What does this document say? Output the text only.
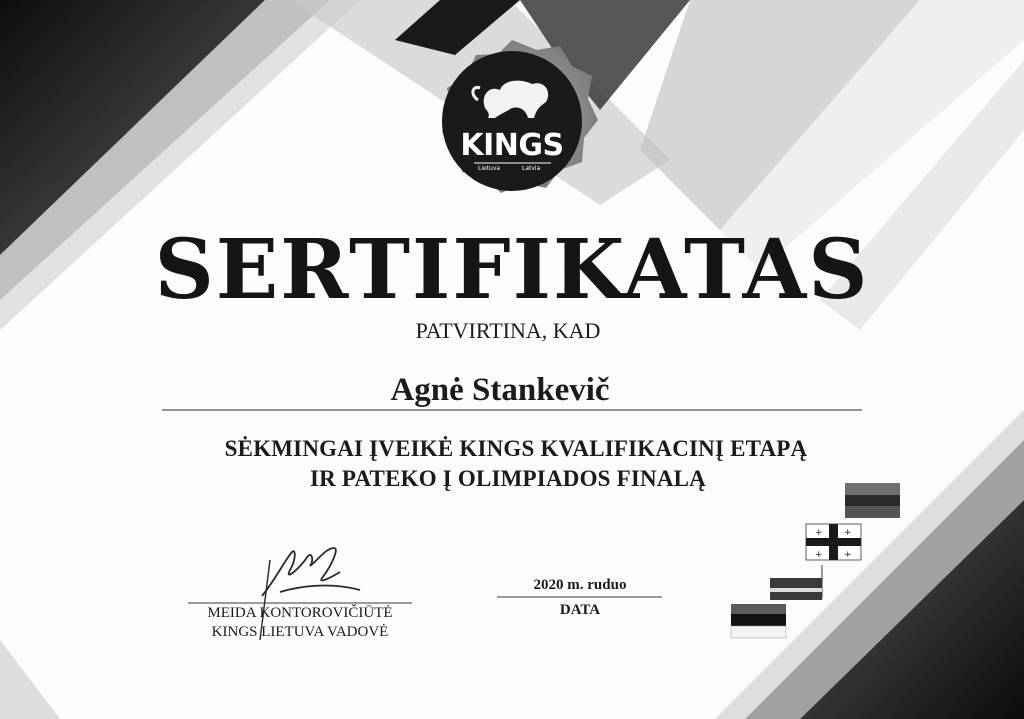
+ +
+ +
KINGS
Lietuva	Latvia
SERTIFIKATAS
PATVIRTINA, KAD
Agnė Stankevič
SĖKMINGAI ĮVEIKĖ KINGS KVALIFIKACINĮ ETAPĄ
IR PATEKO Į OLIMPIADOS FINALĄ
MEIDA KONTOROVIČIŪTĖ
KINGS LIETUVA VADOVĖ
2020 m. ruduo
DATA
